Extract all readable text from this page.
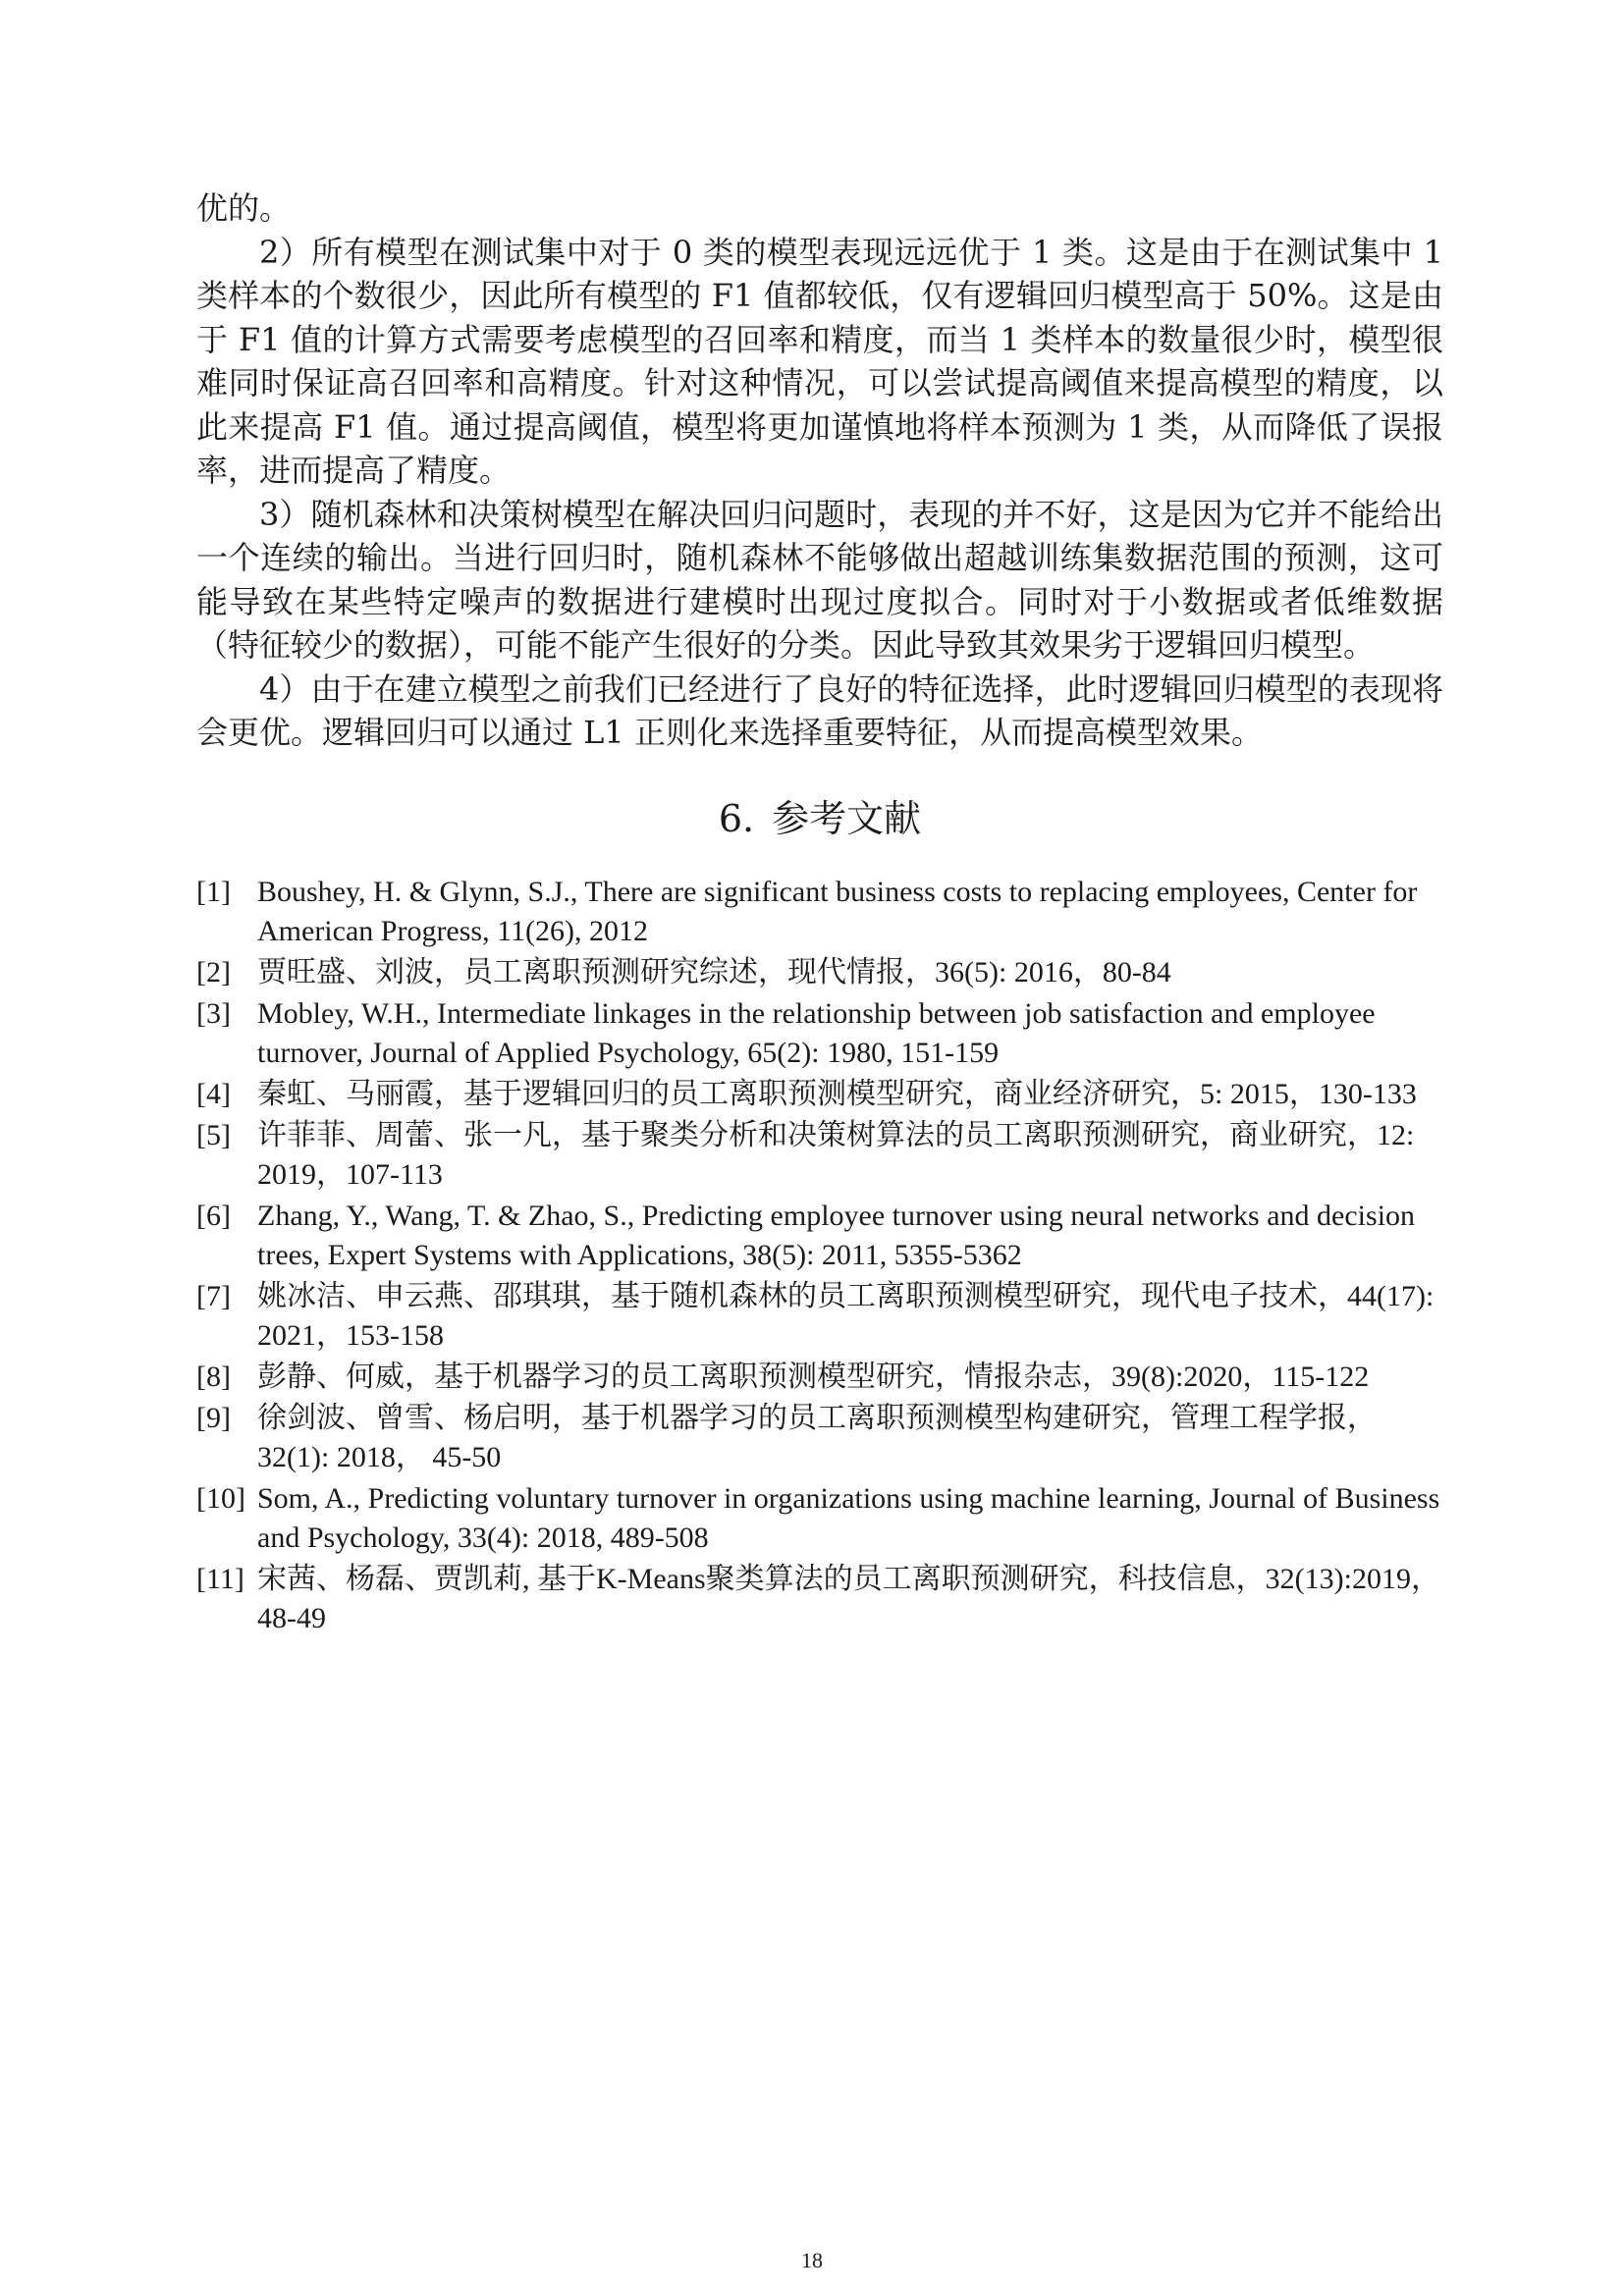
优的。

2）所有模型在测试集中对于 0 类的模型表现远远优于 1 类。这是由于在测试集中 1 类样本的个数很少，因此所有模型的 F1 值都较低，仅有逻辑回归模型高于 50%。这是由于 F1 值的计算方式需要考虑模型的召回率和精度，而当 1 类样本的数量很少时，模型很难同时保证高召回率和高精度。针对这种情况，可以尝试提高阈值来提高模型的精度，以此来提高 F1 值。通过提高阈值，模型将更加谨慎地将样本预测为 1 类，从而降低了误报率，进而提高了精度。

3）随机森林和决策树模型在解决回归问题时，表现的并不好，这是因为它并不能给出一个连续的输出。当进行回归时，随机森林不能够做出超越训练集数据范围的预测，这可能导致在某些特定噪声的数据进行建模时出现过度拟合。同时对于小数据或者低维数据（特征较少的数据），可能不能产生很好的分类。因此导致其效果劣于逻辑回归模型。

4）由于在建立模型之前我们已经进行了良好的特征选择，此时逻辑回归模型的表现将会更优。逻辑回归可以通过 L1 正则化来选择重要特征，从而提高模型效果。

6. 参考文献
[1] Boushey, H. & Glynn, S.J., There are significant business costs to replacing employees, Center for American Progress, 11(26), 2012
[2] 贾旺盛、刘波，员工离职预测研究综述，现代情报，36(5): 2016，80-84
[3] Mobley, W.H., Intermediate linkages in the relationship between job satisfaction and employee turnover, Journal of Applied Psychology, 65(2): 1980, 151-159
[4] 秦虹、马丽霞，基于逻辑回归的员工离职预测模型研究，商业经济研究，5: 2015，130-133
[5] 许菲菲、周蕾、张一凡，基于聚类分析和决策树算法的员工离职预测研究，商业研究，12: 2019，107-113
[6] Zhang, Y., Wang, T. & Zhao, S., Predicting employee turnover using neural networks and decision trees, Expert Systems with Applications, 38(5): 2011, 5355-5362
[7] 姚冰洁、申云燕、邵琪琪，基于随机森林的员工离职预测模型研究，现代电子技术，44(17): 2021，153-158
[8] 彭静、何威，基于机器学习的员工离职预测模型研究，情报杂志，39(8):2020，115-122
[9] 徐剑波、曾雪、杨启明，基于机器学习的员工离职预测模型构建研究，管理工程学报，32(1): 2018， 45-50
[10] Som, A., Predicting voluntary turnover in organizations using machine learning, Journal of Business and Psychology, 33(4): 2018, 489-508
[11] 宋茜、杨磊、贾凯莉, 基于K-Means聚类算法的员工离职预测研究，科技信息，32(13):2019，48-49
18
